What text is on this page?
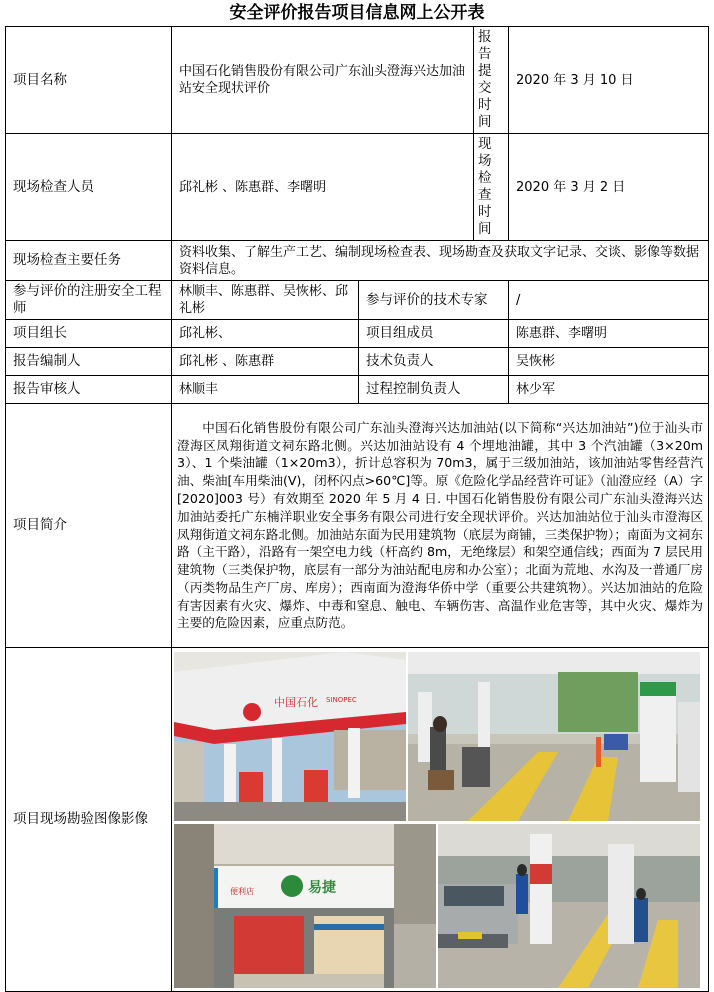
安全评价报告项目信息网上公开表
项目名称	中国石化销售股份有限公司广东汕头澄海兴达加油站安全现状评价		报告提交时间	2020 年 3 月 10 日
现场检查人员	邱礼彬 、陈惠群、李曙明		现场检查时间	2020 年 3 月 2 日
现场检查主要任务	资料收集、了解生产工艺、编制现场检查表、现场勘查及获取文字记录、交谈、影像等数据资料信息。			
参与评价的注册安全工程师	林顺丰、陈惠群、吴恢彬、邱礼彬	参与评价的技术专家		/
项目组长	邱礼彬、	项目组成员		陈惠群、李曙明
报告编制人	邱礼彬 、陈惠群	技术负责人		吴恢彬
报告审核人	林顺丰	过程控制负责人		林少军
项目简介	中国石化销售股份有限公司广东汕头澄海兴达加油站(以下简称“兴达加油站”)位于汕头市澄海区凤翔街道文祠东路北侧。兴达加油站设有 4 个埋地油罐，其中 3 个汽油罐（3×20m3）、1 个柴油罐（1×20m3），折计总容积为 70m3，属于三级加油站，该加油站零售经营汽油、柴油[车用柴油(Ⅴ)，闭杯闪点>60℃]等。原《危险化学品经营许可证》（汕澄应经（A）字[2020]003 号）有效期至 2020 年 5 月 4 日. 中国石化销售股份有限公司广东汕头澄海兴达加油站委托广东楠洋职业安全事务有限公司进行安全现状评价。兴达加油站位于汕头市澄海区凤翔街道文祠东路北侧。加油站东面为民用建筑物（底层为商铺，三类保护物）；南面为文祠东路（主干路），沿路有一架空电力线（杆高约 8m，无绝缘层）和架空通信线；西面为 7 层民用建筑物（三类保护物，底层有一部分为油站配电房和办公室）；北面为荒地、水沟及一普通厂房（丙类物品生产厂房、库房）；西南面为澄海华侨中学（重要公共建筑物）。兴达加油站的危险有害因素有火灾、爆炸、中毒和窒息、触电、车辆伤害、高温作业危害等，其中火灾、爆炸为主要的危险因素，应重点防范。			
项目现场勘验图像影像	中国石化 SINOPEC
便利店 易捷			
